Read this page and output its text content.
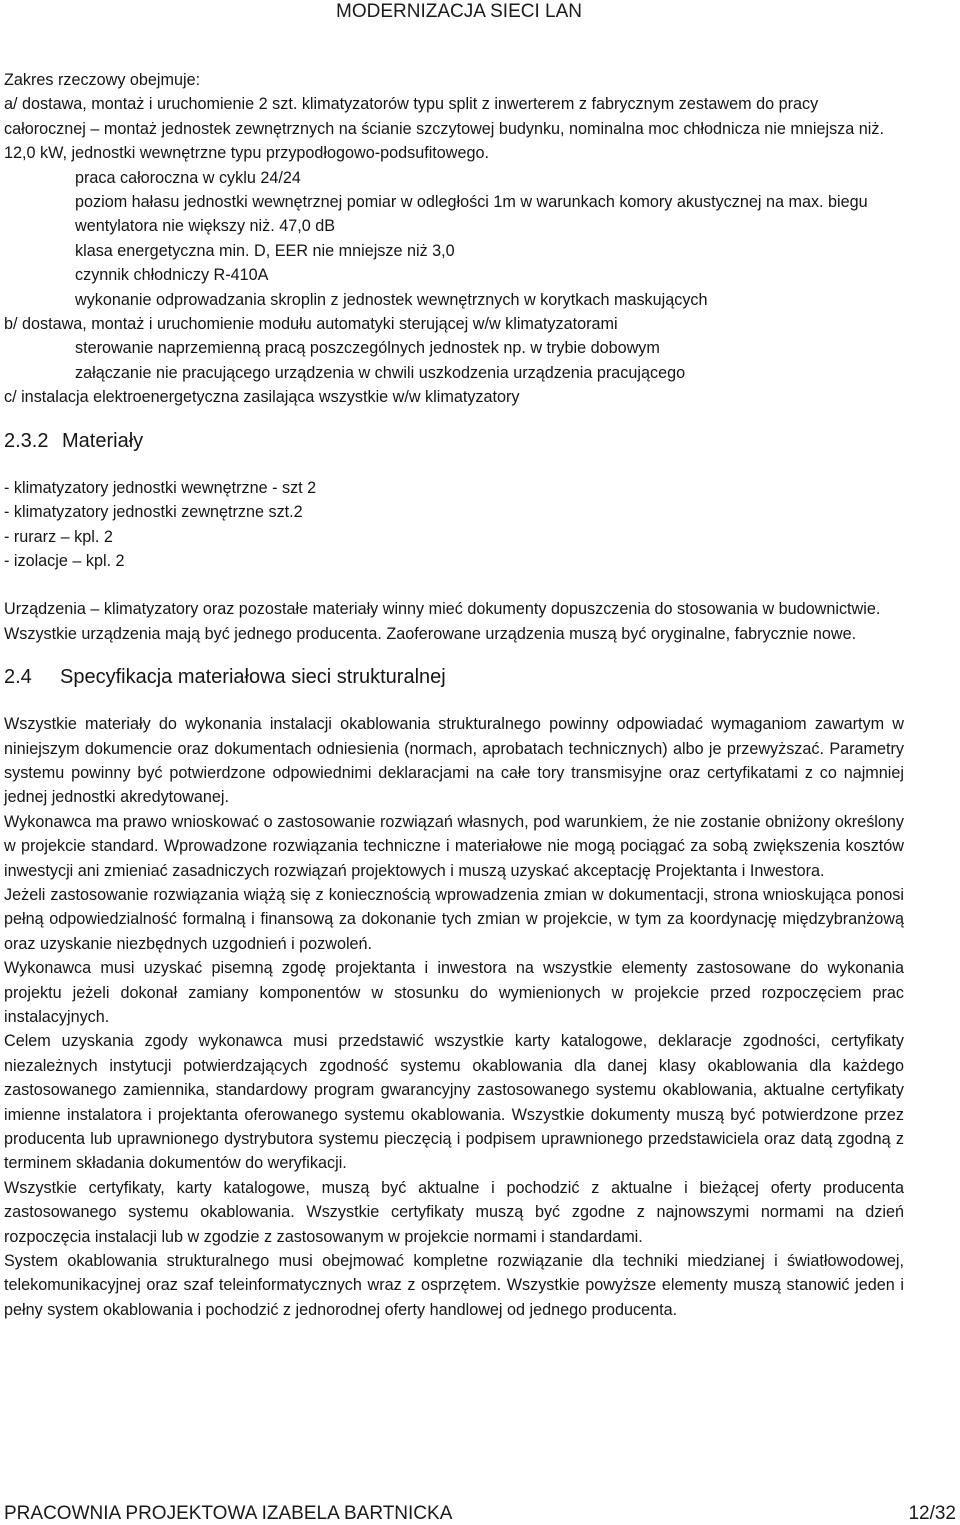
MODERNIZACJA SIECI LAN

Zakres rzeczowy obejmuje:

a/ dostawa, montaż i uruchomienie 2 szt. klimatyzatorów typu split z inwerterem z fabrycznym zestawem do pracy całorocznej – montaż jednostek zewnętrznych na ścianie szczytowej budynku, nominalna moc chłodnicza nie mniejsza niż. 12,0 kW, jednostki wewnętrzne typu przypodłogowo-podsufitowego.

praca całoroczna w cyklu 24/24

poziom hałasu jednostki wewnętrznej pomiar w odległości 1m w warunkach komory akustycznej na max. biegu wentylatora nie większy niż. 47,0 dB

klasa energetyczna min. D, EER nie mniejsze niż 3,0

czynnik chłodniczy R-410A

wykonanie odprowadzania skroplin z jednostek wewnętrznych w korytkach maskujących

b/ dostawa, montaż i uruchomienie modułu automatyki sterującej w/w klimatyzatorami

sterowanie naprzemienną pracą poszczególnych jednostek np. w trybie dobowym

załączanie nie pracującego urządzenia w chwili uszkodzenia urządzenia pracującego

c/ instalacja elektroenergetyczna zasilająca wszystkie w/w klimatyzatory

2.3.2 Materiały

- klimatyzatory jednostki wewnętrzne - szt 2

- klimatyzatory jednostki zewnętrzne szt.2

- rurarz – kpl. 2

- izolacje – kpl. 2

Urządzenia – klimatyzatory oraz pozostałe materiały winny mieć dokumenty dopuszczenia do stosowania w budownictwie. Wszystkie urządzenia mają być jednego producenta. Zaoferowane urządzenia muszą być oryginalne, fabrycznie nowe.

2.4 Specyfikacja materiałowa sieci strukturalnej

Wszystkie materiały do wykonania instalacji okablowania strukturalnego powinny odpowiadać wymaganiom zawartym w niniejszym dokumencie oraz dokumentach odniesienia (normach, aprobatach technicznych) albo je przewyższać. Parametry systemu powinny być potwierdzone odpowiednimi deklaracjami na całe tory transmisyjne oraz certyfikatami z co najmniej jednej jednostki akredytowanej.

Wykonawca ma prawo wnioskować o zastosowanie rozwiązań własnych, pod warunkiem, że nie zostanie obniżony określony w projekcie standard. Wprowadzone rozwiązania techniczne i materiałowe nie mogą pociągać za sobą zwiększenia kosztów inwestycji ani zmieniać zasadniczych rozwiązań projektowych i muszą uzyskać akceptację Projektanta i Inwestora.

Jeżeli zastosowanie rozwiązania wiążą się z koniecznością wprowadzenia zmian w dokumentacji, strona wnioskująca ponosi pełną odpowiedzialność formalną i finansową za dokonanie tych zmian w projekcie, w tym za koordynację międzybranżową oraz uzyskanie niezbędnych uzgodnień i pozwoleń.

Wykonawca musi uzyskać pisemną zgodę projektanta i inwestora na wszystkie elementy zastosowane do wykonania projektu jeżeli dokonał zamiany komponentów w stosunku do wymienionych w projekcie przed rozpoczęciem prac instalacyjnych.

Celem uzyskania zgody wykonawca musi przedstawić wszystkie karty katalogowe, deklaracje zgodności, certyfikaty niezależnych instytucji potwierdzających zgodność systemu okablowania dla danej klasy okablowania dla każdego zastosowanego zamiennika, standardowy program gwarancyjny zastosowanego systemu okablowania, aktualne certyfikaty imienne instalatora i projektanta oferowanego systemu okablowania. Wszystkie dokumenty muszą być potwierdzone przez producenta lub uprawnionego dystrybutora systemu pieczęcią i podpisem uprawnionego przedstawiciela oraz datą zgodną z terminem składania dokumentów do weryfikacji.

Wszystkie certyfikaty, karty katalogowe, muszą być aktualne i pochodzić z aktualne i bieżącej oferty producenta zastosowanego systemu okablowania. Wszystkie certyfikaty muszą być zgodne z najnowszymi normami na dzień rozpoczęcia instalacji lub w zgodzie z zastosowanym w projekcie normami i standardami.

System okablowania strukturalnego musi obejmować kompletne rozwiązanie dla techniki miedzianej i światłowodowej, telekomunikacyjnej oraz szaf teleinformatycznych wraz z osprzętem. Wszystkie powyższe elementy muszą stanowić jeden i pełny system okablowania i pochodzić z jednorodnej oferty handlowej od jednego producenta.

PRACOWNIA PROJEKTOWA IZABELA BARTNICKA	12/32
